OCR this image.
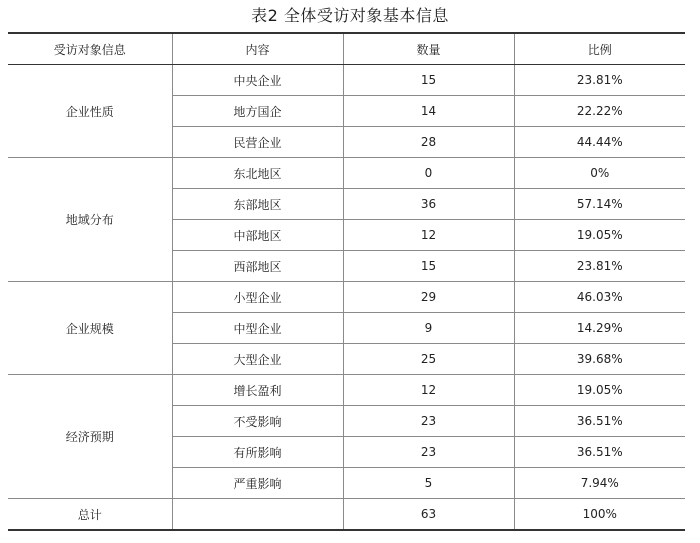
表2 全体受访对象基本信息
受访对象信息	内容	数量	比例
企业性质	中央企业	15	23.81%
	地方国企	14	22.22%
	民营企业	28	44.44%
地域分布	东北地区	0	0%
	东部地区	36	57.14%
	中部地区	12	19.05%
	西部地区	15	23.81%
企业规模	小型企业	29	46.03%
	中型企业	9	14.29%
	大型企业	25	39.68%
经济预期	增长盈利	12	19.05%
	不受影响	23	36.51%
	有所影响	23	36.51%
	严重影响	5	7.94%
总计		63	100%
